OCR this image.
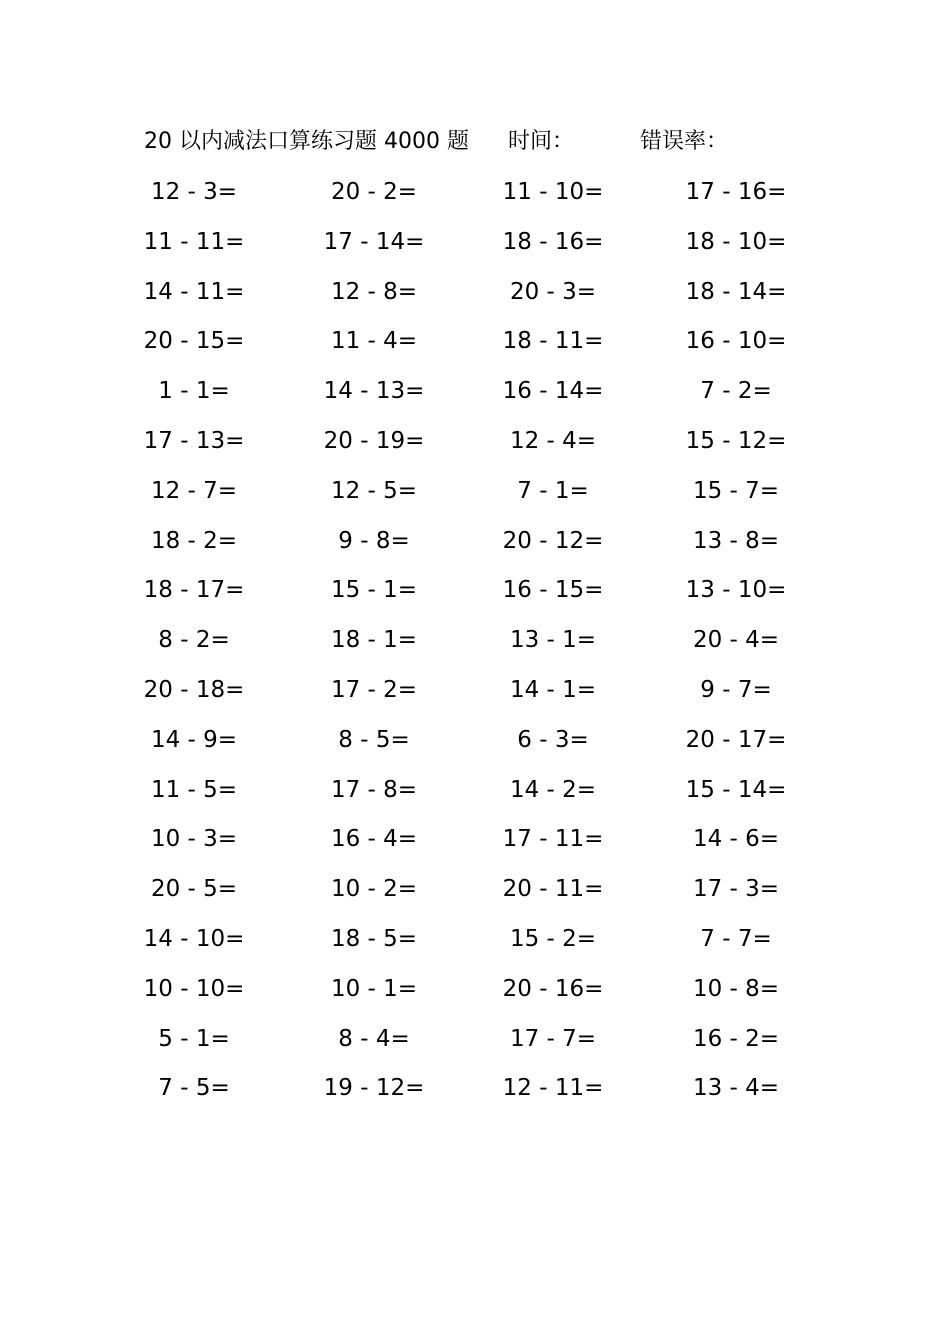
20 以内减法口算练习题 4000 题 时间：	错误率：
12 - 3=	20 - 2=	11 - 10=	17 - 16=
11 - 11=	17 - 14=	18 - 16=	18 - 10=
14 - 11=	12 - 8=	20 - 3=	18 - 14=
20 - 15=	11 - 4=	18 - 11=	16 - 10=
1 - 1=	14 - 13=	16 - 14=	7 - 2=
17 - 13=	20 - 19=	12 - 4=	15 - 12=
12 - 7=	12 - 5=	7 - 1=	15 - 7=
18 - 2=	9 - 8=	20 - 12=	13 - 8=
18 - 17=	15 - 1=	16 - 15=	13 - 10=
8 - 2=	18 - 1=	13 - 1=	20 - 4=
20 - 18=	17 - 2=	14 - 1=	9 - 7=
14 - 9=	8 - 5=	6 - 3=	20 - 17=
11 - 5=	17 - 8=	14 - 2=	15 - 14=
10 - 3=	16 - 4=	17 - 11=	14 - 6=
20 - 5=	10 - 2=	20 - 11=	17 - 3=
14 - 10=	18 - 5=	15 - 2=	7 - 7=
10 - 10=	10 - 1=	20 - 16=	10 - 8=
5 - 1=	8 - 4=	17 - 7=	16 - 2=
7 - 5=	19 - 12=	12 - 11=	13 - 4=
